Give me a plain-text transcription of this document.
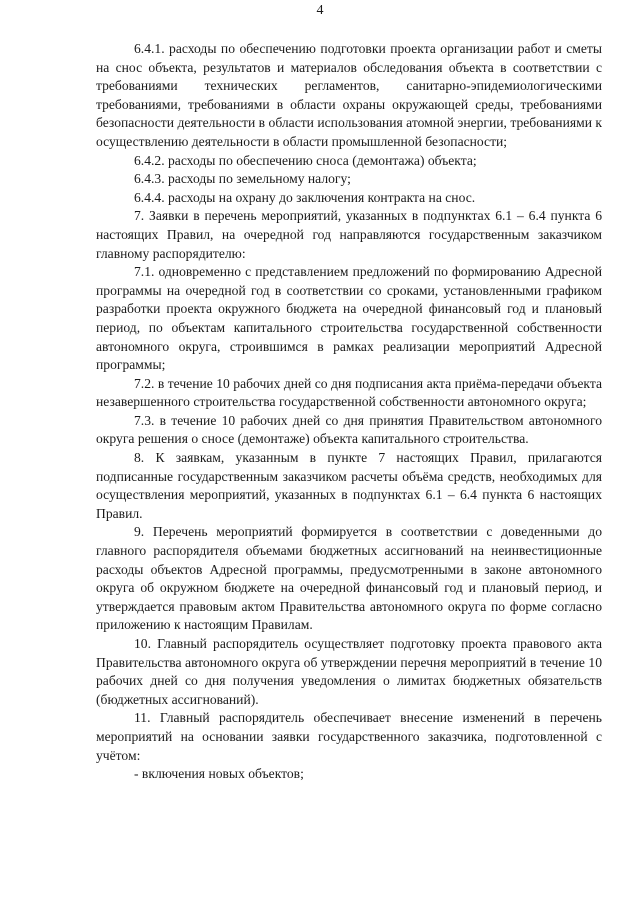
4

6.4.1. расходы по обеспечению подготовки проекта организации работ и сметы на снос объекта, результатов и материалов обследования объекта в соответствии с требованиями технических регламентов, санитарно-эпидемиологическими требованиями, требованиями в области охраны окружающей среды, требованиями безопасности деятельности в области использования атомной энергии, требованиями к осуществлению деятельности в области промышленной безопасности;

6.4.2. расходы по обеспечению сноса (демонтажа) объекта;

6.4.3. расходы по земельному налогу;

6.4.4. расходы на охрану до заключения контракта на снос.

7. Заявки в перечень мероприятий, указанных в подпунктах 6.1 – 6.4 пункта 6 настоящих Правил, на очередной год направляются государственным заказчиком главному распорядителю:

7.1. одновременно с представлением предложений по формированию Адресной программы на очередной год в соответствии со сроками, установленными графиком разработки проекта окружного бюджета на очередной финансовый год и плановый период, по объектам капитального строительства государственной собственности автономного округа, строившимся в рамках реализации мероприятий Адресной программы;

7.2. в течение 10 рабочих дней со дня подписания акта приёма-передачи объекта незавершенного строительства государственной собственности автономного округа;

7.3. в течение 10 рабочих дней со дня принятия Правительством автономного округа решения о сносе (демонтаже) объекта капитального строительства.

8. К заявкам, указанным в пункте 7 настоящих Правил, прилагаются подписанные государственным заказчиком расчеты объёма средств, необходимых для осуществления мероприятий, указанных в подпунктах 6.1 – 6.4 пункта 6 настоящих Правил.

9. Перечень мероприятий формируется в соответствии с доведенными до главного распорядителя объемами бюджетных ассигнований на неинвестиционные расходы объектов Адресной программы, предусмотренными в законе автономного округа об окружном бюджете на очередной финансовый год и плановый период, и утверждается правовым актом Правительства автономного округа по форме согласно приложению к настоящим Правилам.

10. Главный распорядитель осуществляет подготовку проекта правового акта Правительства автономного округа об утверждении перечня мероприятий в течение 10 рабочих дней со дня получения уведомления о лимитах бюджетных обязательств (бюджетных ассигнований).

11. Главный распорядитель обеспечивает внесение изменений в перечень мероприятий на основании заявки государственного заказчика, подготовленной с учётом:

- включения новых объектов;
